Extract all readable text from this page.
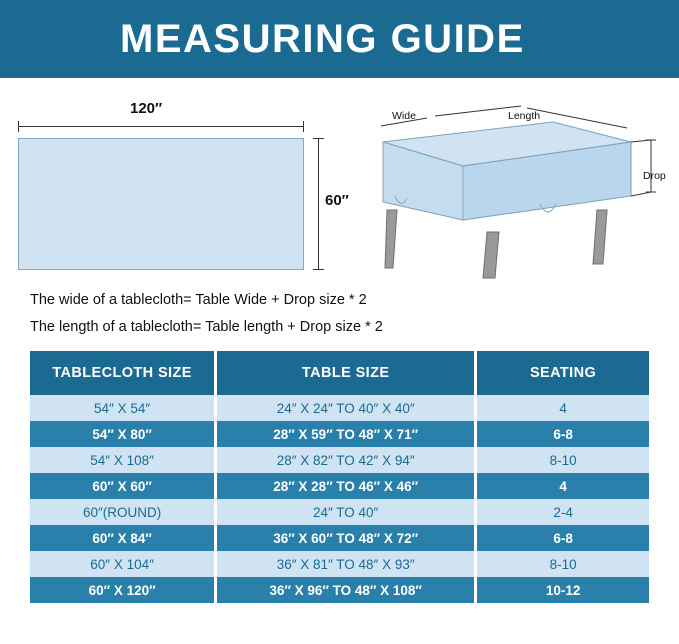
MEASURING GUIDE
120″
60″
Wide	Length
Drop
The wide of a tablecloth= Table Wide + Drop size * 2
The length of a tablecloth= Table length + Drop size * 2
TABLECLOTH SIZE	TABLE SIZE	SEATING
54″ X 54″	24″ X 24″ TO 40″ X 40″	4
54″ X 80″	28″ X 59″ TO 48″ X 71″	6-8
54″ X 108″	28″ X 82″ TO 42″ X 94″	8-10
60″ X 60″	28″ X 28″ TO 46″ X 46″	4
60″(ROUND)	24″ TO 40″	2-4
60″ X 84″	36″ X 60″ TO 48″ X 72″	6-8
60″ X 104″	36″ X 81″ TO 48″ X 93″	8-10
60″ X 120″	36″ X 96″ TO 48″ X 108″	10-12
